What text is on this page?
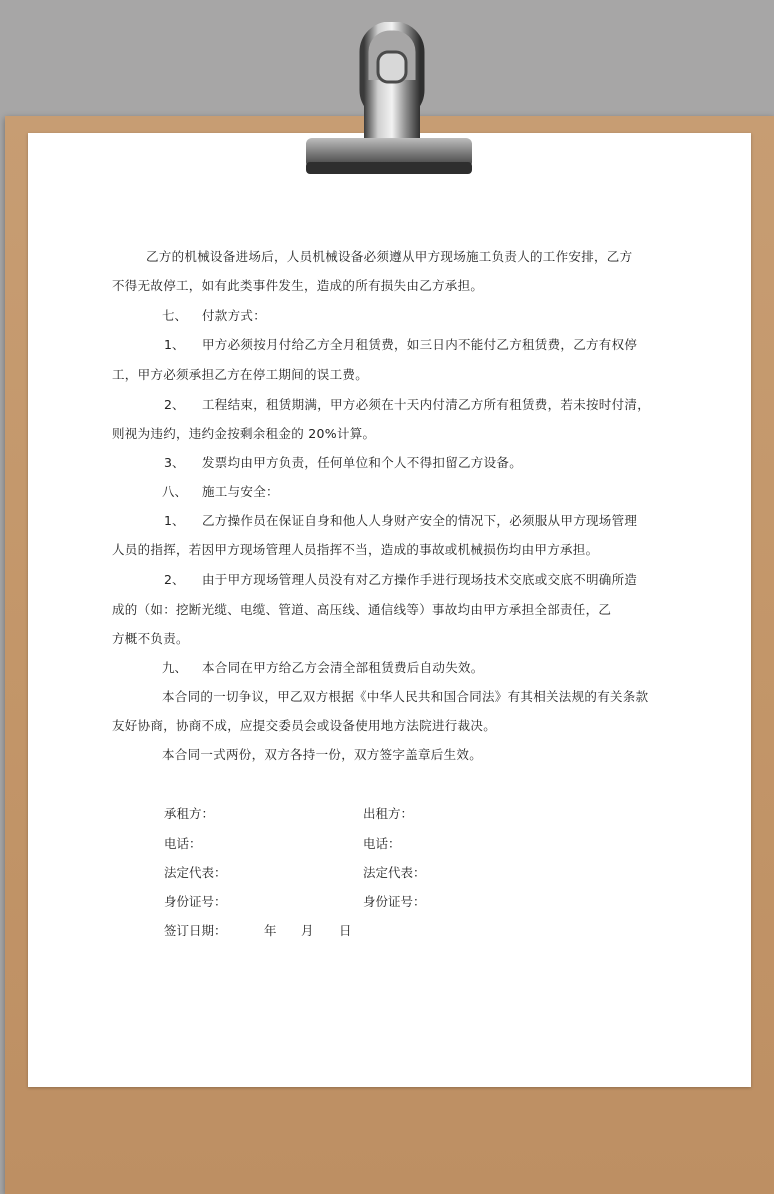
乙方的机械设备进场后，人员机械设备必须遵从甲方现场施工负责人的工作安排，乙方
不得无故停工，如有此类事件发生，造成的所有损失由乙方承担。
七、 付款方式：
1、 甲方必须按月付给乙方全月租赁费，如三日内不能付乙方租赁费，乙方有权停
工，甲方必须承担乙方在停工期间的误工费。
2、 工程结束，租赁期满，甲方必须在十天内付清乙方所有租赁费，若未按时付清，
则视为违约，违约金按剩余租金的 20%计算。
3、 发票均由甲方负责，任何单位和个人不得扣留乙方设备。
八、 施工与安全：
1、 乙方操作员在保证自身和他人人身财产安全的情况下，必须服从甲方现场管理
人员的指挥，若因甲方现场管理人员指挥不当，造成的事故或机械损伤均由甲方承担。
2、 由于甲方现场管理人员没有对乙方操作手进行现场技术交底或交底不明确所造
成的（如：挖断光缆、电缆、管道、高压线、通信线等）事故均由甲方承担全部责任，乙
方概不负责。
九、 本合同在甲方给乙方会清全部租赁费后自动失效。
本合同的一切争议，甲乙双方根据《中华人民共和国合同法》有其相关法规的有关条款
友好协商，协商不成，应提交委员会或设备使用地方法院进行裁决。
本合同一式两份，双方各持一份，双方签字盖章后生效。
承租方：	出租方：
电话：	电话：
法定代表：	法定代表：
身份证号：	身份证号：
签订日期：	年 月 日
